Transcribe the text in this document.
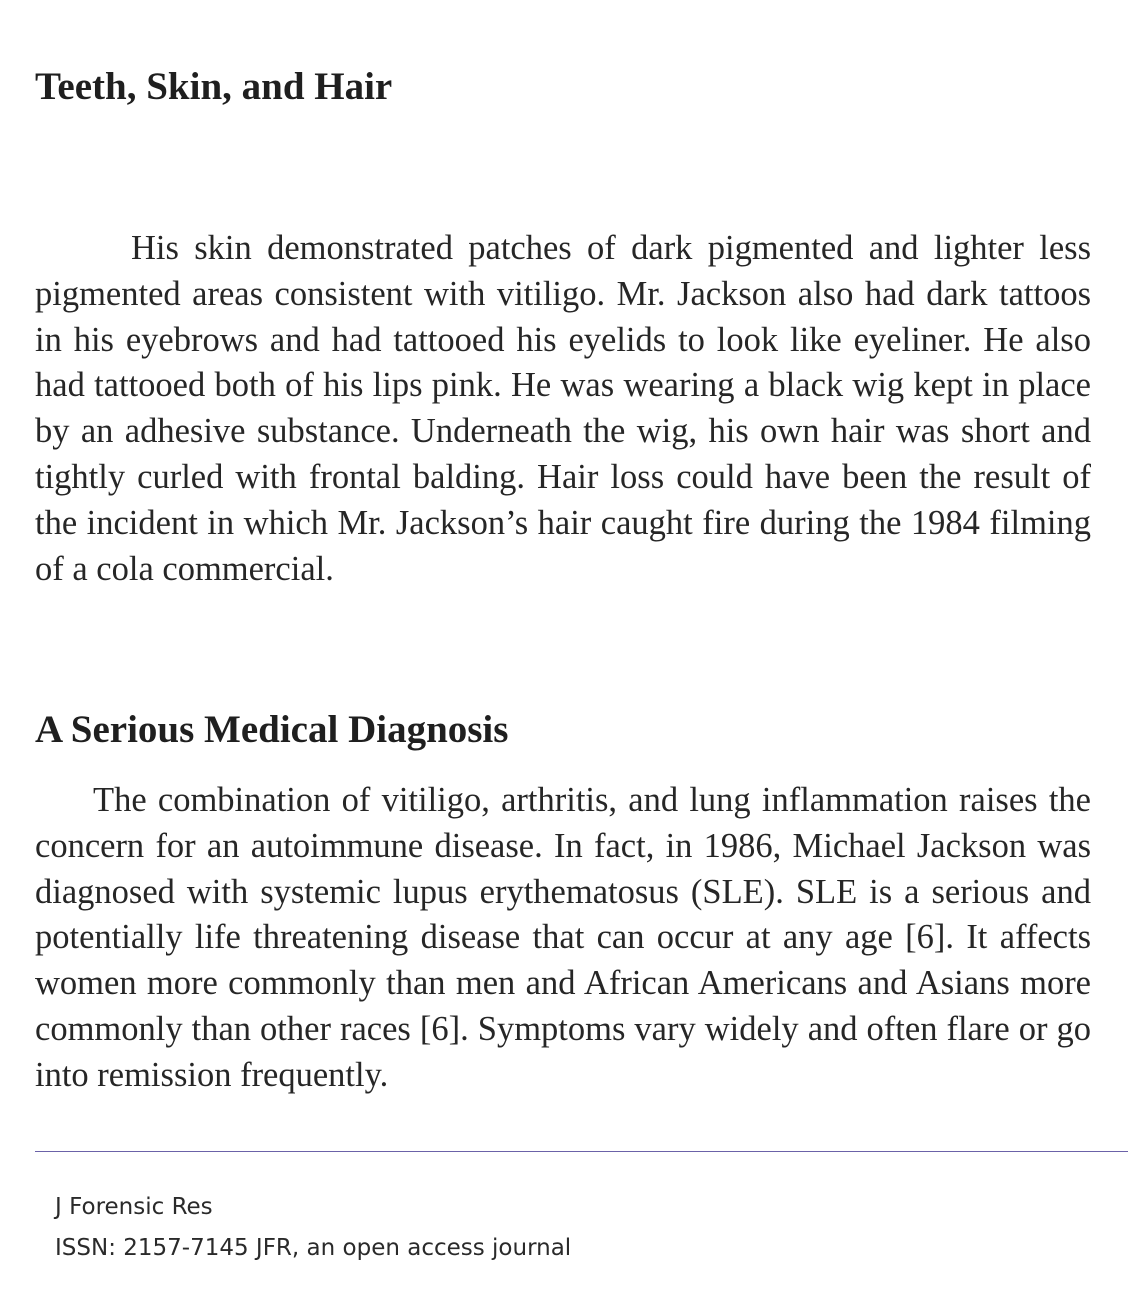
Teeth, Skin, and Hair

His skin demonstrated patches of dark pigmented and lighter less pigmented areas consistent with vitiligo. Mr. Jackson also had dark tattoos in his eyebrows and had tattooed his eyelids to look like eyeliner. He also had tattooed both of his lips pink. He was wearing a black wig kept in place by an adhesive substance. Underneath the wig, his own hair was short and tightly curled with frontal balding. Hair loss could have been the result of the incident in which Mr. Jackson’s hair caught fire during the 1984 filming of a cola commercial.

A Serious Medical Diagnosis

The combination of vitiligo, arthritis, and lung inflammation raises the concern for an autoimmune disease. In fact, in 1986, Michael Jackson was diagnosed with systemic lupus erythematosus (SLE). SLE is a serious and potentially life threatening disease that can occur at any age [6]. It affects women more commonly than men and African Americans and Asians more commonly than other races [6]. Symptoms vary widely and often flare or go into remission frequently.

J Forensic Res

ISSN: 2157-7145 JFR, an open access journal
